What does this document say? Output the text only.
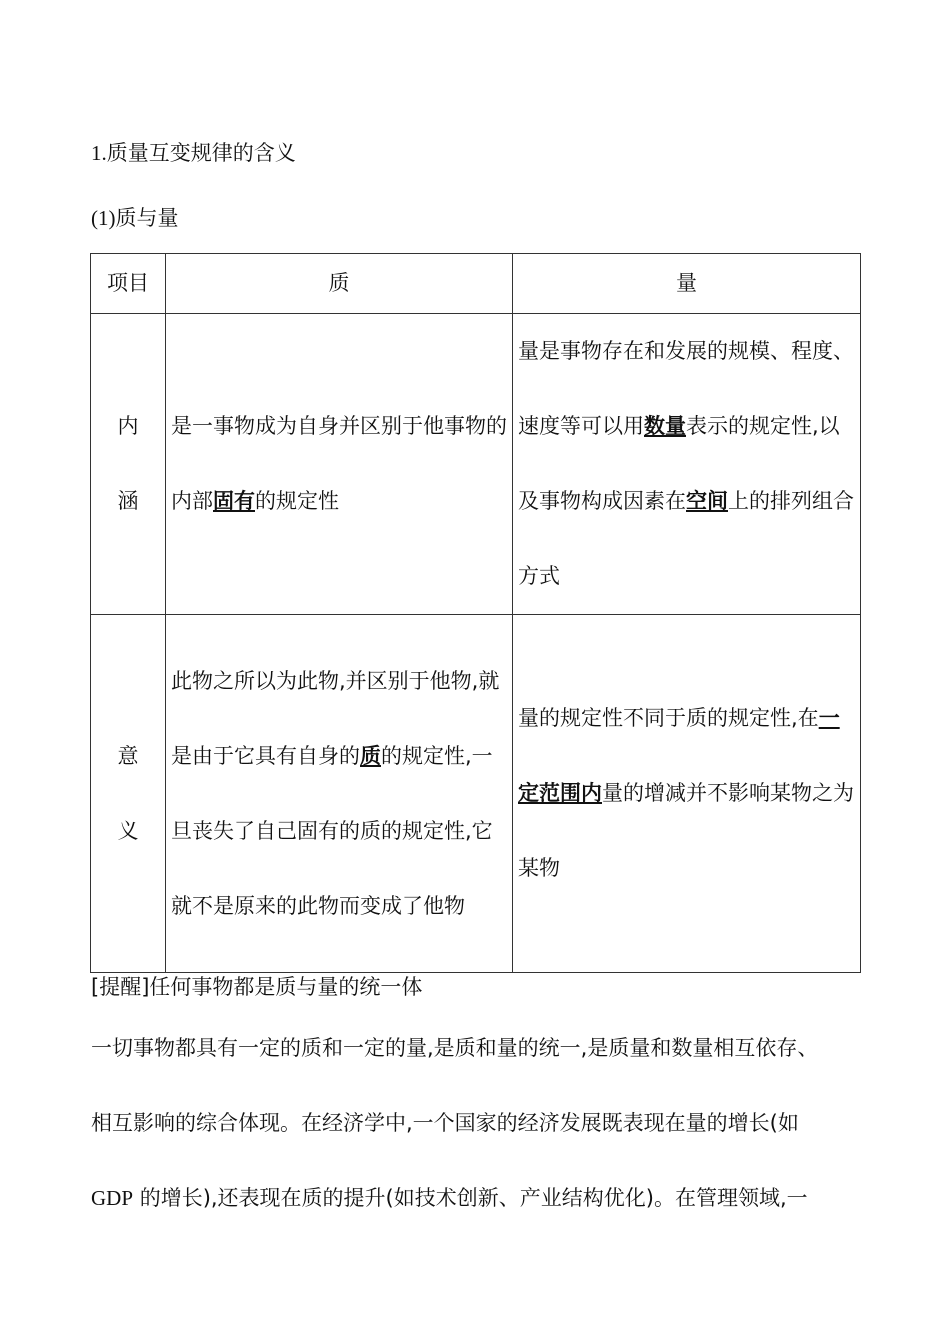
1.质量互变规律的含义
(1)质与量
项目	质	量
内
涵	是一事物成为自身并区别于他事物的内部固有的规定性	量是事物存在和发展的规模、程度、速度等可以用数量表示的规定性,以及事物构成因素在空间上的排列组合方式
意
义	此物之所以为此物,并区别于他物,就是由于它具有自身的质的规定性,一旦丧失了自己固有的质的规定性,它就不是原来的此物而变成了他物	量的规定性不同于质的规定性,在一定范围内量的增减并不影响某物之为某物
[提醒]任何事物都是质与量的统一体
一切事物都具有一定的质和一定的量,是质和量的统一,是质量和数量相互依存、
相互影响的综合体现。在经济学中,一个国家的经济发展既表现在量的增长(如
GDP 的增长),还表现在质的提升(如技术创新、产业结构优化)。在管理领域,一
